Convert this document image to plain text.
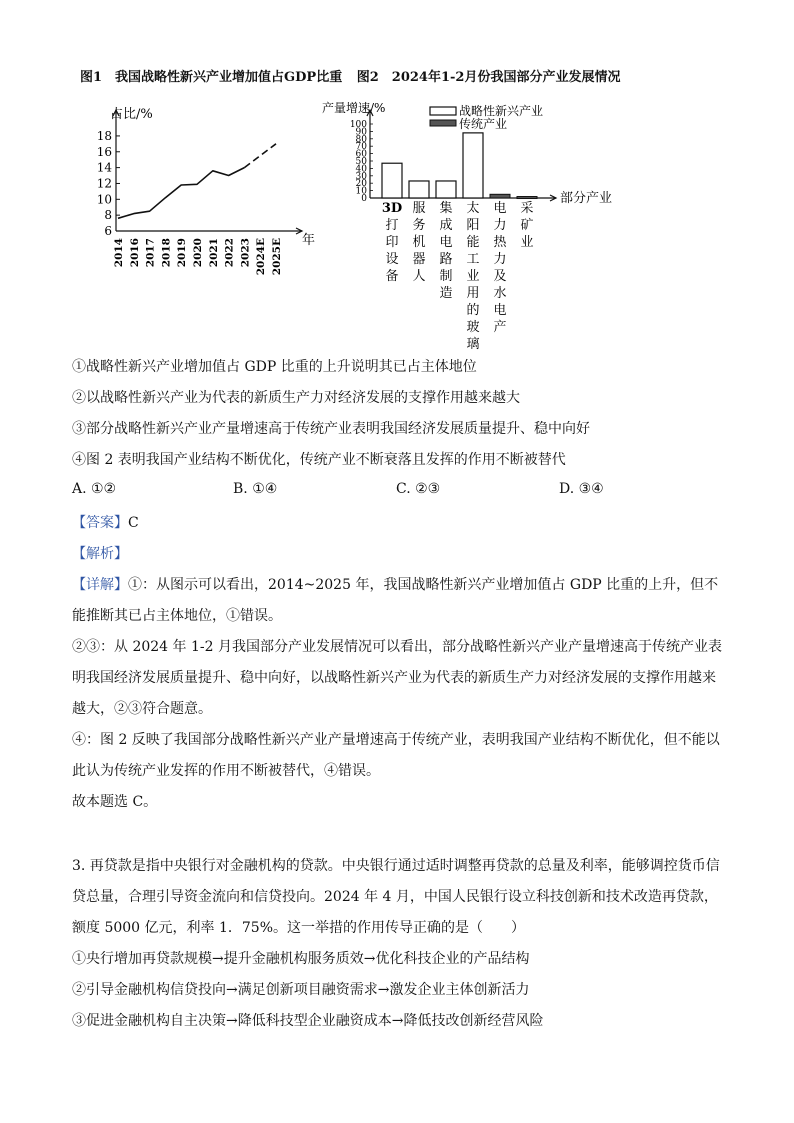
图1　我国战略性新兴产业增加值占GDP比重 图2　2024年1-2月份我国部分产业发展情况
占比/%
年
6
8
10
12
14
16
18
2014 2016 2017 2018 2019 2020 2021 2022 2023 2024E 2025E
产量增速/%
部分产业
战略性新兴产业
传统产业
0
10
20
30
40
50
60
70
80
90
100
3D
打
印
设
备
服
务
机
器
人
集
成
电
路
制
造
太
阳
能
工
业
用
的
玻
璃
电
力
热
力
及
水
电
产
采
矿
业
①战略性新兴产业增加值占 GDP 比重的上升说明其已占主体地位
②以战略性新兴产业为代表的新质生产力对经济发展的支撑作用越来越大
③部分战略性新兴产业产量增速高于传统产业表明我国经济发展质量提升、稳中向好
④图 2 表明我国产业结构不断优化，传统产业不断衰落且发挥的作用不断被替代
A. ①②	B. ①④	C. ②③	D. ③④
【答案】C
【解析】
【详解】①：从图示可以看出，2014~2025 年，我国战略性新兴产业增加值占 GDP 比重的上升，但不能推断其已占主体地位，①错误。
②③：从 2024 年 1-2 月我国部分产业发展情况可以看出，部分战略性新兴产业产量增速高于传统产业表明我国经济发展质量提升、稳中向好，以战略性新兴产业为代表的新质生产力对经济发展的支撑作用越来越大，②③符合题意。
④：图 2 反映了我国部分战略性新兴产业产量增速高于传统产业，表明我国产业结构不断优化，但不能以此认为传统产业发挥的作用不断被替代，④错误。
故本题选 C。
3. 再贷款是指中央银行对金融机构的贷款。中央银行通过适时调整再贷款的总量及利率，能够调控货币信贷总量，合理引导资金流向和信贷投向。2024 年 4 月，中国人民银行设立科技创新和技术改造再贷款，额度 5000 亿元，利率 1．75%。这一举措的作用传导正确的是（　　）
①央行增加再贷款规模→提升金融机构服务质效→优化科技企业的产品结构
②引导金融机构信贷投向→满足创新项目融资需求→激发企业主体创新活力
③促进金融机构自主决策→降低科技型企业融资成本→降低技改创新经营风险
